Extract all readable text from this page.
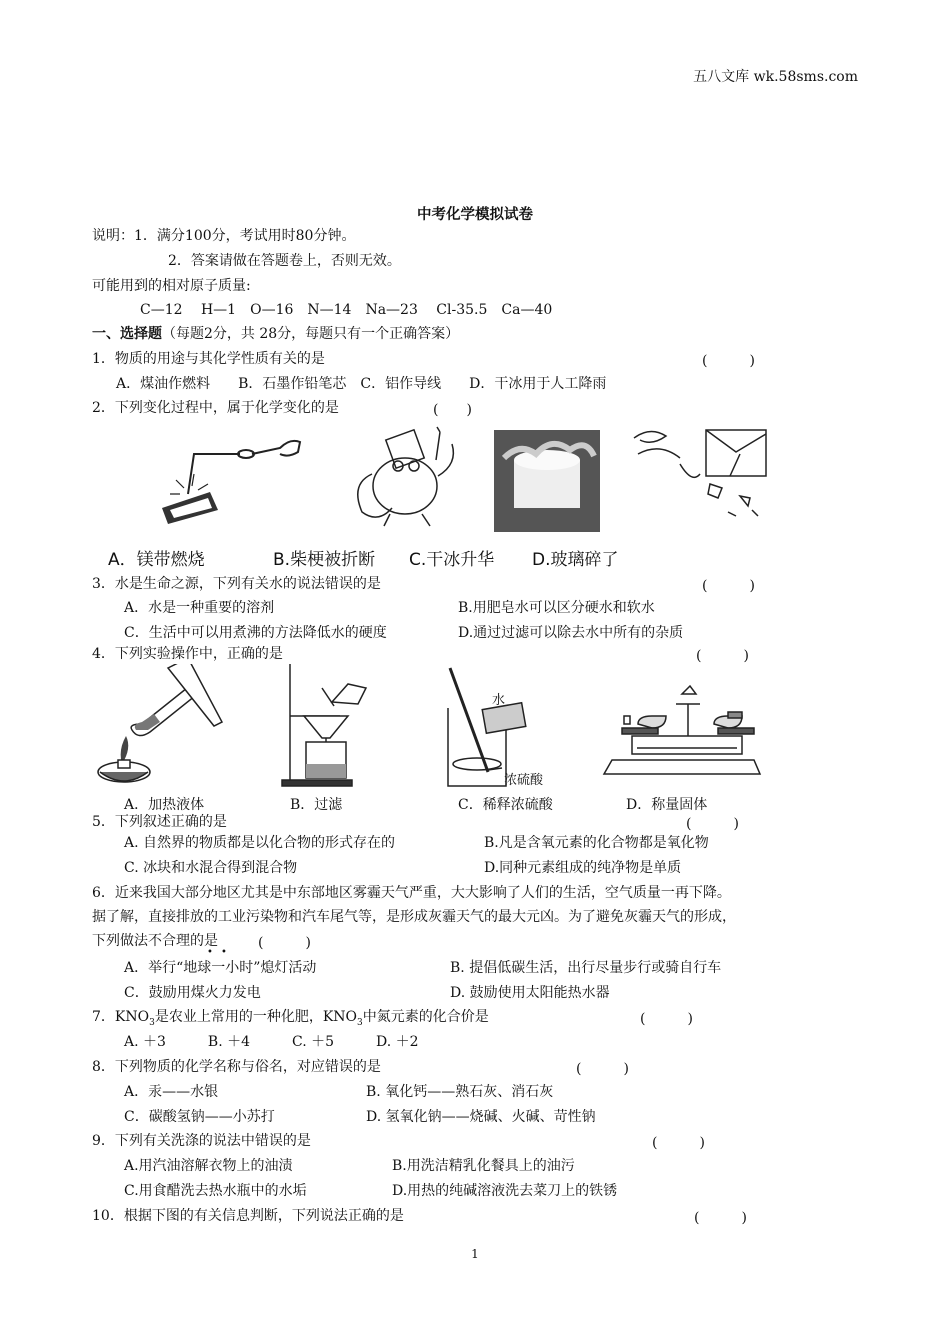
五八文库 wk.58sms.com
中考化学模拟试卷
说明：1．满分100分，考试用时80分钟。
2．答案请做在答题卷上，否则无效。
可能用到的相对原子质量:
C—12　 H—1　O—16　N—14　Na—23　 Cl-35.5　Ca—40
一、选择题（每题2分，共 28分，每题只有一个正确答案）
1．物质的用途与其化学性质有关的是	(　　　)
A．煤油作燃料　　B．石墨作铅笔芯　C．铝作导线　　D．干冰用于人工降雨
2．下列变化过程中，属于化学变化的是	(　　)
A．镁带燃烧	B.柴梗被折断 C.干冰升华 D.玻璃碎了
3．水是生命之源，下列有关水的说法错误的是	(　　　)
A．水是一种重要的溶剂	B.用肥皂水可以区分硬水和软水
C．生活中可以用煮沸的方法降低水的硬度	D.通过过滤可以除去水中所有的杂质
4．下列实验操作中，正确的是	(　　　)
水
浓硫酸
A．加热液体	B．过滤	C．稀释浓硫酸	D．称量固体
5．下列叙述正确的是	(　　　)
A. 自然界的物质都是以化合物的形式存在的	B.凡是含氧元素的化合物都是氧化物
C. 冰块和水混合得到混合物	D.同种元素组成的纯净物是单质
6．近来我国大部分地区尤其是中东部地区雾霾天气严重，大大影响了人们的生活，空气质量一再下降。
据了解，直接排放的工业污染物和汽车尾气等，是形成灰霾天气的最大元凶。为了避免灰霾天气的形成，
下列做法不合理的是	(　　　)
• •
A．举行“地球一小时”熄灯活动	B. 提倡低碳生活，出行尽量步行或骑自行车
C．鼓励用煤火力发电	D. 鼓励使用太阳能热水器
7．$KNO_3$是农业上常用的一种化肥，$KNO_3$中氮元素的化合价是	(　　　)
A. ＋3　　　B. ＋4　　　C. ＋5　　　D. ＋2
8．下列物质的化学名称与俗名，对应错误的是	(　　　)
A．汞——水银	B. 氧化钙——熟石灰、消石灰
C．碳酸氢钠——小苏打	D. 氢氧化钠——烧碱、火碱、苛性钠
9．下列有关洗涤的说法中错误的是	(　　　)
A.用汽油溶解衣物上的油渍	B.用洗洁精乳化餐具上的油污
C.用食醋洗去热水瓶中的水垢	D.用热的纯碱溶液洗去菜刀上的铁锈
10．根据下图的有关信息判断，下列说法正确的是	(　　　)
1
